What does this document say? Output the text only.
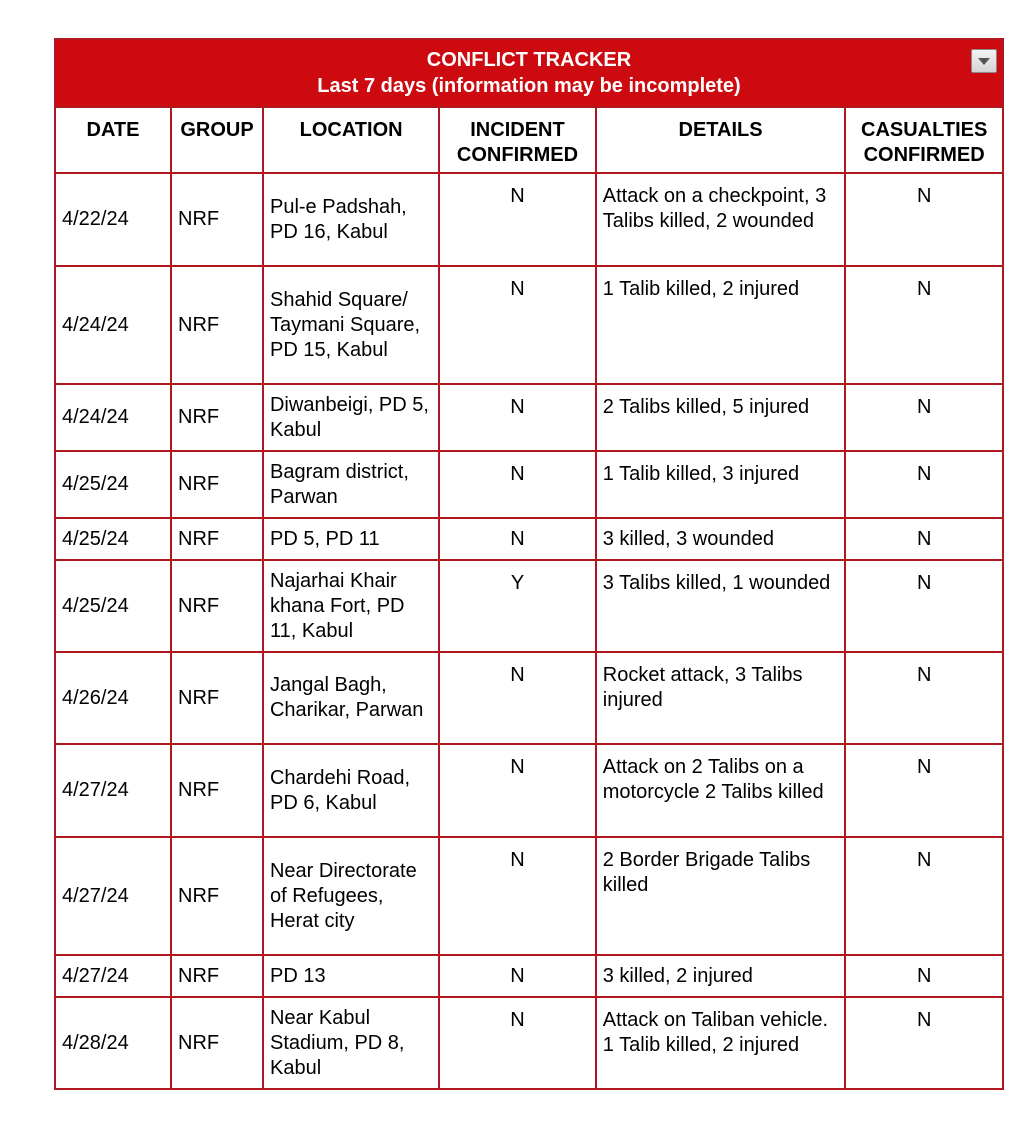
CONFLICT TRACKER
Last 7 days (information may be incomplete)					

DATE	GROUP	LOCATION	INCIDENT CONFIRMED	DETAILS	CASUALTIES CONFIRMED
4/22/24	NRF	Pul-e Padshah, PD 16, Kabul	N	Attack on a checkpoint, 3 Talibs killed, 2 wounded	N
4/24/24	NRF	Shahid Square/ Taymani Square, PD 15, Kabul	N	1 Talib killed, 2 injured	N
4/24/24	NRF	Diwanbeigi, PD 5, Kabul	N	2 Talibs killed, 5 injured	N
4/25/24	NRF	Bagram district, Parwan	N	1 Talib killed, 3 injured	N
4/25/24	NRF	PD 5, PD 11	N	3 killed, 3 wounded	N
4/25/24	NRF	Najarhai Khair khana Fort, PD 11, Kabul	Y	3 Talibs killed, 1 wounded	N
4/26/24	NRF	Jangal Bagh, Charikar, Parwan	N	Rocket attack, 3 Talibs injured	N
4/27/24	NRF	Chardehi Road, PD 6, Kabul	N	Attack on 2 Talibs on a motorcycle 2 Talibs killed	N
4/27/24	NRF	Near Directorate of Refugees, Herat city	N	2 Border Brigade Talibs killed	N
4/27/24	NRF	PD 13	N	3 killed, 2 injured	N
4/28/24	NRF	Near Kabul Stadium, PD 8, Kabul	N	Attack on Taliban vehicle. 1 Talib killed, 2 injured	N
